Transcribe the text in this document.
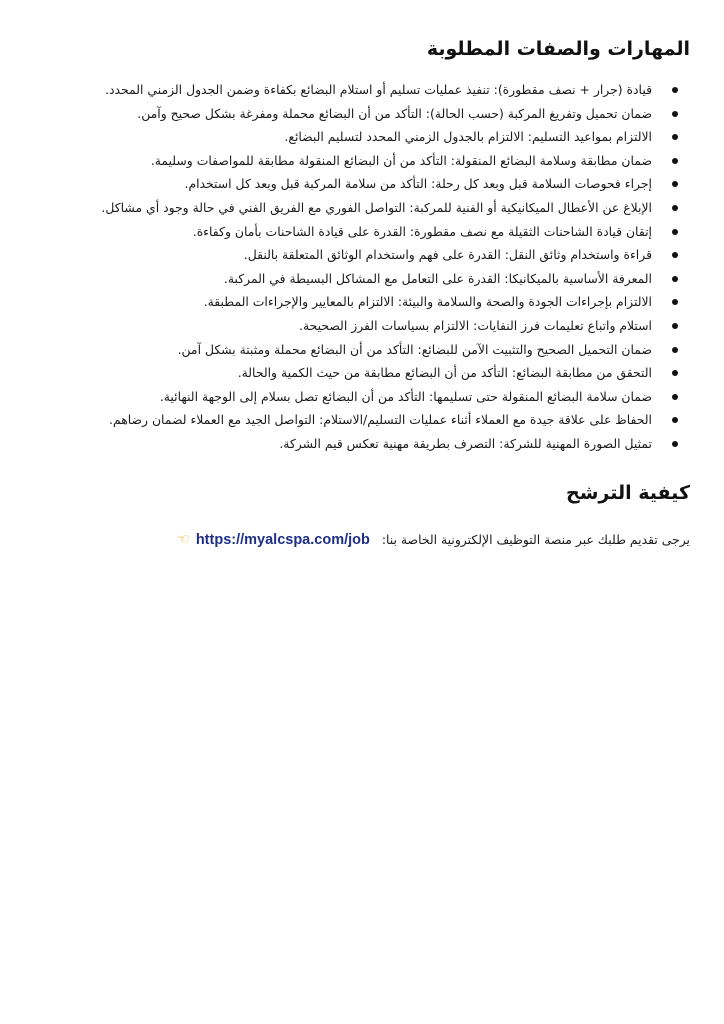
المهارات والصفات المطلوبة
قيادة (جرار + نصف مقطورة): تنفيذ عمليات تسليم أو استلام البضائع بكفاءة وضمن الجدول الزمني المحدد.
ضمان تحميل وتفريغ المركبة (حسب الحالة): التأكد من أن البضائع محملة ومفرغة بشكل صحيح وآمن.
الالتزام بمواعيد التسليم: الالتزام بالجدول الزمني المحدد لتسليم البضائع.
ضمان مطابقة وسلامة البضائع المنقولة: التأكد من أن البضائع المنقولة مطابقة للمواصفات وسليمة.
إجراء فحوصات السلامة قبل وبعد كل رحلة: التأكد من سلامة المركبة قبل وبعد كل استخدام.
الإبلاغ عن الأعطال الميكانيكية أو الفنية للمركبة: التواصل الفوري مع الفريق الفني في حالة وجود أي مشاكل.
إتقان قيادة الشاحنات الثقيلة مع نصف مقطورة: القدرة على قيادة الشاحنات بأمان وكفاءة.
قراءة واستخدام وثائق النقل: القدرة على فهم واستخدام الوثائق المتعلقة بالنقل.
المعرفة الأساسية بالميكانيكا: القدرة على التعامل مع المشاكل البسيطة في المركبة.
الالتزام بإجراءات الجودة والصحة والسلامة والبيئة: الالتزام بالمعايير والإجراءات المطبقة.
استلام واتباع تعليمات فرز النفايات: الالتزام بسياسات الفرز الصحيحة.
ضمان التحميل الصحيح والتثبيت الآمن للبضائع: التأكد من أن البضائع محملة ومثبتة بشكل آمن.
التحقق من مطابقة البضائع: التأكد من أن البضائع مطابقة من حيث الكمية والحالة.
ضمان سلامة البضائع المنقولة حتى تسليمها: التأكد من أن البضائع تصل بسلام إلى الوجهة النهائية.
الحفاظ على علاقة جيدة مع العملاء أثناء عمليات التسليم/الاستلام: التواصل الجيد مع العملاء لضمان رضاهم.
تمثيل الصورة المهنية للشركة: التصرف بطريقة مهنية تعكس قيم الشركة.
كيفية الترشح
يرجى تقديم طلبك عبر منصة التوظيف الإلكترونية الخاصة بنا: https://myalcspa.com/job ☜
